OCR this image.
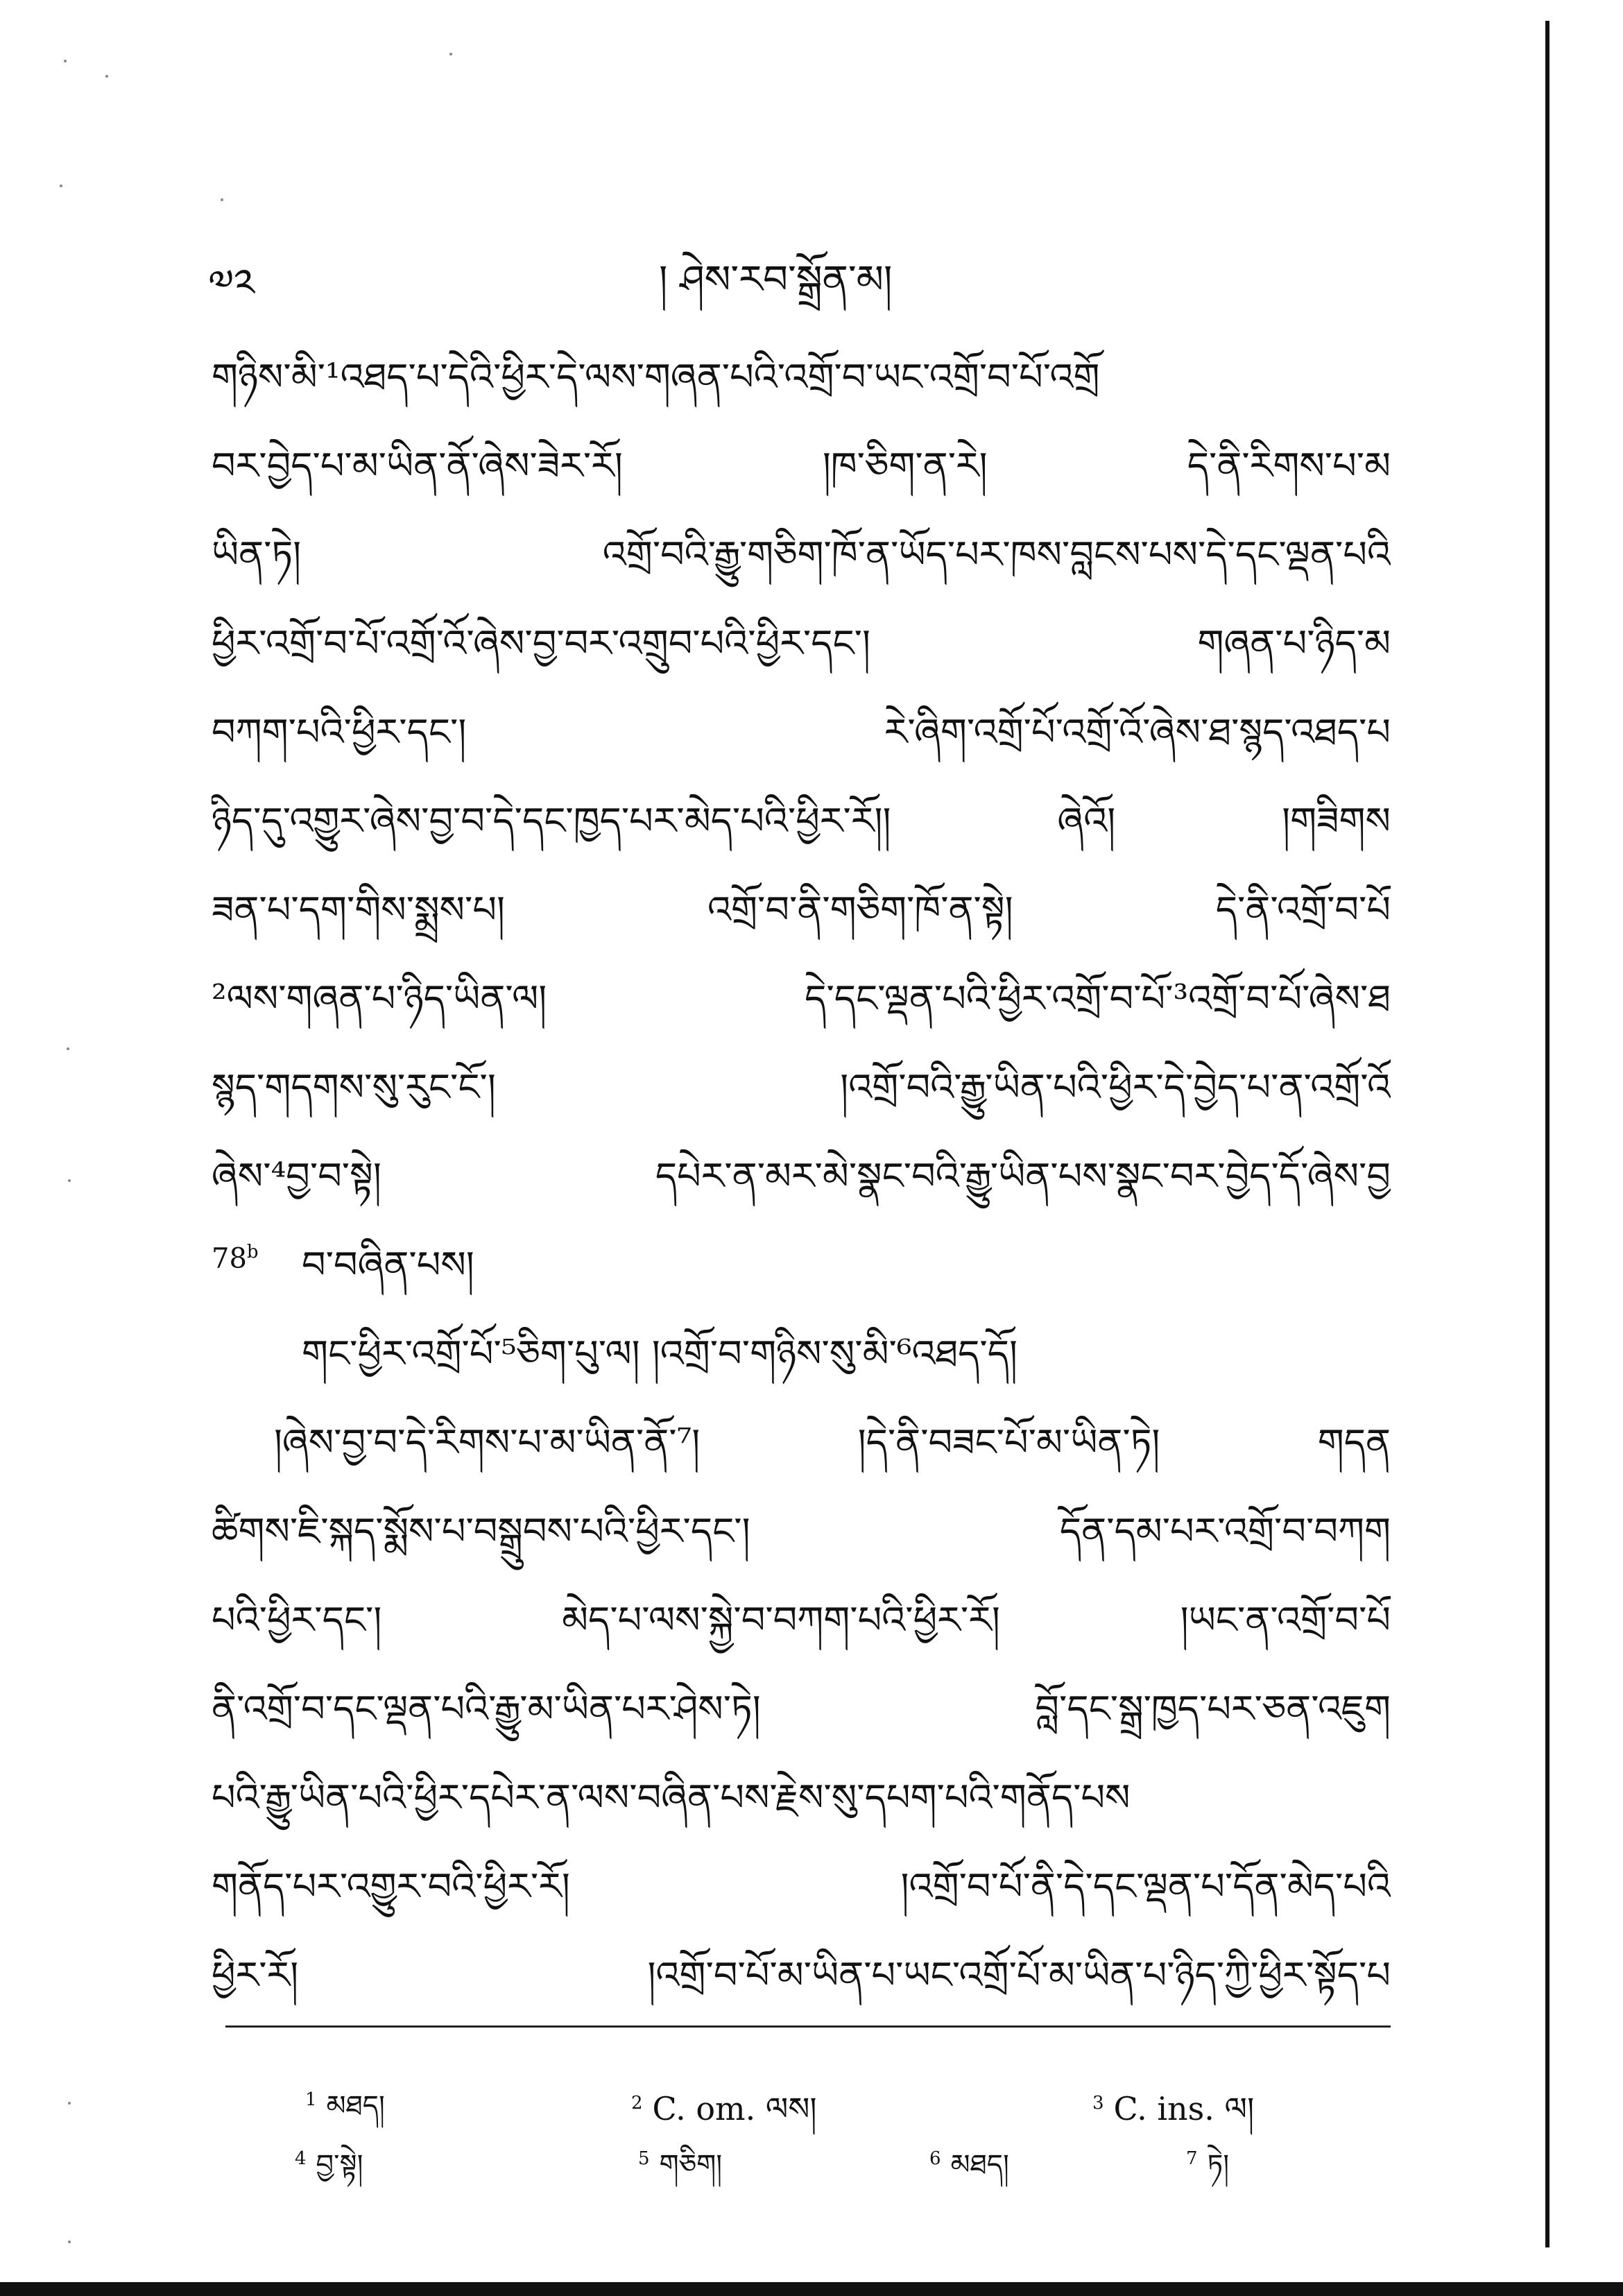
༧༢	། ཤེས་རབ་སྒྲོན་མ།
གཉིས་མི་¹འཐད་པ་དེའི་ཕྱིར་དེ་ལས་གཞན་པའི་འགྲོ་བ་ཡང་འགྲོ་བ་པོ་འགྲོ
བར་བྱེད་པ་མ་ཡིན་ནོ་ཞེས་ཟེར་རོ། །ཁ་ཅིག་ན་རེ། དེ་ནི་རིགས་པ་མ
ཡིན་ཏེ། འགྲོ་བའི་རྒྱུ་གཅིག་ཁོ་ན་ཡོད་པར་ཁས་བླངས་པས་དེ་དང་ལྡན་པའི
ཕྱིར་འགྲོ་བ་པོ་འགྲོ་འོ་ཞེས་བྱ་བར་འགྲུབ་པའི་ཕྱིར་དང་། གཞན་པ་ཉིད་མ
བཀག་པའི་ཕྱིར་དང་། རེ་ཞིག་འགྲོ་པོ་འགྲོ་འོ་ཞེས་ཐ་སྙད་འཐད་པ
ཉིད་དུ་འགྱུར་ཞེས་བྱ་བ་དེ་དང་ཁྱད་པར་མེད་པའི་ཕྱིར་རོ།། ཞེའོ། །གཟིགས
ཟན་པ་དག་གིས་སྨྲས་པ། འགྲོ་བ་ནི་གཅིག་ཁོ་ན་སྟེ། དེ་ནི་འགྲོ་བ་པོ
²ལས་གཞན་པ་ཉིད་ཡིན་ལ། དེ་དང་ལྡན་པའི་ཕྱིར་འགྲོ་བ་པོ་³འགྲོ་བ་པོ་ཞེས་ཐ
སྙད་གདགས་སུ་རུང་ངོ་། །འགྲོ་བའི་རྒྱུ་ཡིན་པའི་ཕྱིར་དེ་བྱེད་པ་ན་འགྲོ་འོ
ཞེས་⁴བྱ་བ་སྟེ། དཔེར་ན་མར་མེ་སྣང་བའི་རྒྱུ་ཡིན་པས་སྣང་བར་བྱེད་དོ་ཞེས་བྱ
བ་བཞིན་པས།
གང་ཕྱིར་འགྲོ་པོ་⁵ཅིག་པུ་ལ། །འགྲོ་བ་གཉིས་སུ་མི་⁶འཐད་དོ།
།ཞེས་བྱ་བ་དེ་རིགས་པ་མ་ཡིན་ནོ་⁷། །དེ་ནི་བཟང་པོ་མ་ཡིན་ཏེ། གདན
ཚིགས་ཇི་སྐད་སྨོས་པ་བསྒྲུབས་པའི་ཕྱིར་དང་། དོན་དམ་པར་འགྲོ་བ་བཀག
པའི་ཕྱིར་དང་། མེད་པ་ལས་སྐྱེ་བ་བཀག་པའི་ཕྱིར་རོ། །ཡང་ན་འགྲོ་བ་པོ
ནི་འགྲོ་བ་དང་ལྡན་པའི་རྒྱུ་མ་ཡིན་པར་ཤེས་ཏེ། བློ་དང་སྒྲ་ཁྱད་པར་ཅན་འཇུག
པའི་རྒྱུ་ཡིན་པའི་ཕྱིར་དཔེར་ན་ལས་བཞིན་པས་རྗེས་སུ་དཔག་པའི་གནོད་པས
གནོད་པར་འགྱུར་བའི་ཕྱིར་རོ། །འགྲོ་བ་པོ་ནི་དེ་དང་ལྡན་པ་དོན་མེད་པའི
ཕྱིར་རོ། །འགྲོ་བ་པོ་མ་ཡིན་པ་ཡང་འགྲོ་པོ་མ་ཡིན་པ་ཉིད་ཀྱི་ཕྱིར་སྟོད་པ
78$^b$
$^1$ མཐད།	$^2$ C. om. ལས།	$^3$ C. ins. ལ།
$^4$ བྱ་སྟེ།	$^5$ གཅིག།	$^6$ མཐད།	$^7$ ཏེ།
